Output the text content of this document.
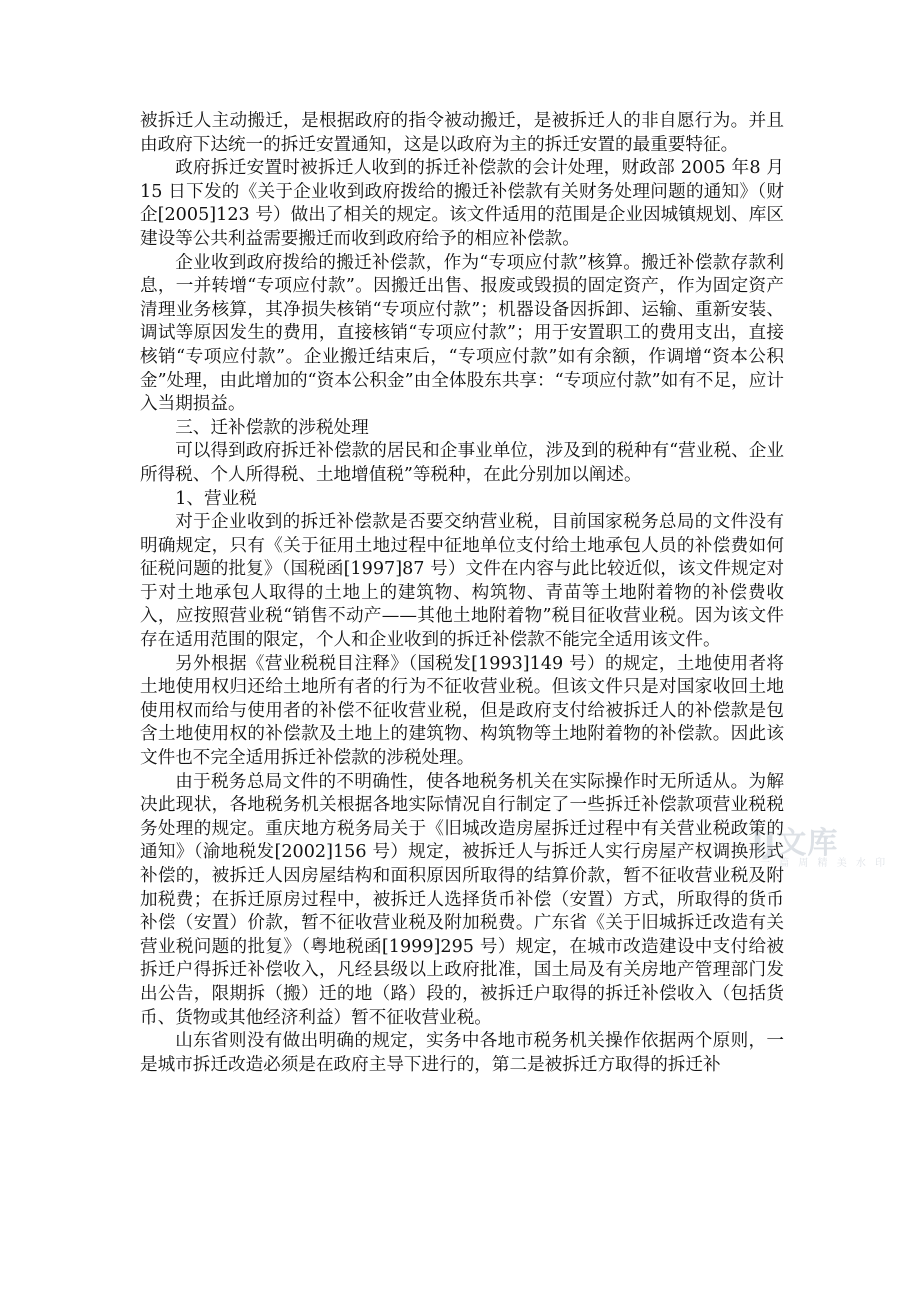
被拆迁人主动搬迁，是根据政府的指令被动搬迁，是被拆迁人的非自愿行为。并且由政府下达统一的拆迁安置通知，这是以政府为主的拆迁安置的最重要特征。

政府拆迁安置时被拆迁人收到的拆迁补偿款的会计处理，财政部 2005 年8 月 15 日下发的《关于企业收到政府拨给的搬迁补偿款有关财务处理问题的通知》（财企[2005]123 号）做出了相关的规定。该文件适用的范围是企业因城镇规划、库区建设等公共利益需要搬迁而收到政府给予的相应补偿款。

企业收到政府拨给的搬迁补偿款，作为“专项应付款”核算。搬迁补偿款存款利息，一并转增“专项应付款”。因搬迁出售、报废或毁损的固定资产，作为固定资产清理业务核算，其净损失核销“专项应付款”；机器设备因拆卸、运输、重新安装、调试等原因发生的费用，直接核销“专项应付款”；用于安置职工的费用支出，直接核销“专项应付款”。企业搬迁结束后，“专项应付款”如有余额，作调增“资本公积金”处理，由此增加的“资本公积金”由全体股东共享：“专项应付款”如有不足，应计入当期损益。

三、迁补偿款的涉税处理

可以得到政府拆迁补偿款的居民和企事业单位，涉及到的税种有“营业税、企业所得税、个人所得税、土地增值税”等税种，在此分别加以阐述。

1、营业税

对于企业收到的拆迁补偿款是否要交纳营业税，目前国家税务总局的文件没有明确规定，只有《关于征用土地过程中征地单位支付给土地承包人员的补偿费如何征税问题的批复》（国税函[1997]87 号）文件在内容与此比较近似，该文件规定对于对土地承包人取得的土地上的建筑物、构筑物、青苗等土地附着物的补偿费收入，应按照营业税“销售不动产——其他土地附着物”税目征收营业税。因为该文件存在适用范围的限定，个人和企业收到的拆迁补偿款不能完全适用该文件。

另外根据《营业税税目注释》（国税发[1993]149 号）的规定，土地使用者将土地使用权归还给土地所有者的行为不征收营业税。但该文件只是对国家收回土地使用权而给与使用者的补偿不征收营业税，但是政府支付给被拆迁人的补偿款是包含土地使用权的补偿款及土地上的建筑物、构筑物等土地附着物的补偿款。因此该文件也不完全适用拆迁补偿款的涉税处理。

由于税务总局文件的不明确性，使各地税务机关在实际操作时无所适从。为解决此现状，各地税务机关根据各地实际情况自行制定了一些拆迁补偿款项营业税税务处理的规定。重庆地方税务局关于《旧城改造房屋拆迁过程中有关营业税政策的通知》（渝地税发[2002]156 号）规定，被拆迁人与拆迁人实行房屋产权调换形式补偿的，被拆迁人因房屋结构和面积原因所取得的结算价款，暂不征收营业税及附加税费；在拆迁原房过程中，被拆迁人选择货币补偿（安置）方式，所取得的货币补偿（安置）价款，暂不征收营业税及附加税费。广东省《关于旧城拆迁改造有关营业税问题的批复》（粤地税函[1999]295 号）规定，在城市改造建设中支付给被拆迁户得拆迁补偿收入，凡经县级以上政府批准，国土局及有关房地产管理部门发出公告，限期拆（搬）迁的地（路）段的，被拆迁户取得的拆迁补偿收入（包括货币、货物或其他经济利益）暂不征收营业税。

山东省则没有做出明确的规定，实务中各地市税务机关操作依据两个原则，一是城市拆迁改造必须是在政府主导下进行的，第二是被拆迁方取得的拆迁补

IJ文库
一 篇 周 精 美 水 印
